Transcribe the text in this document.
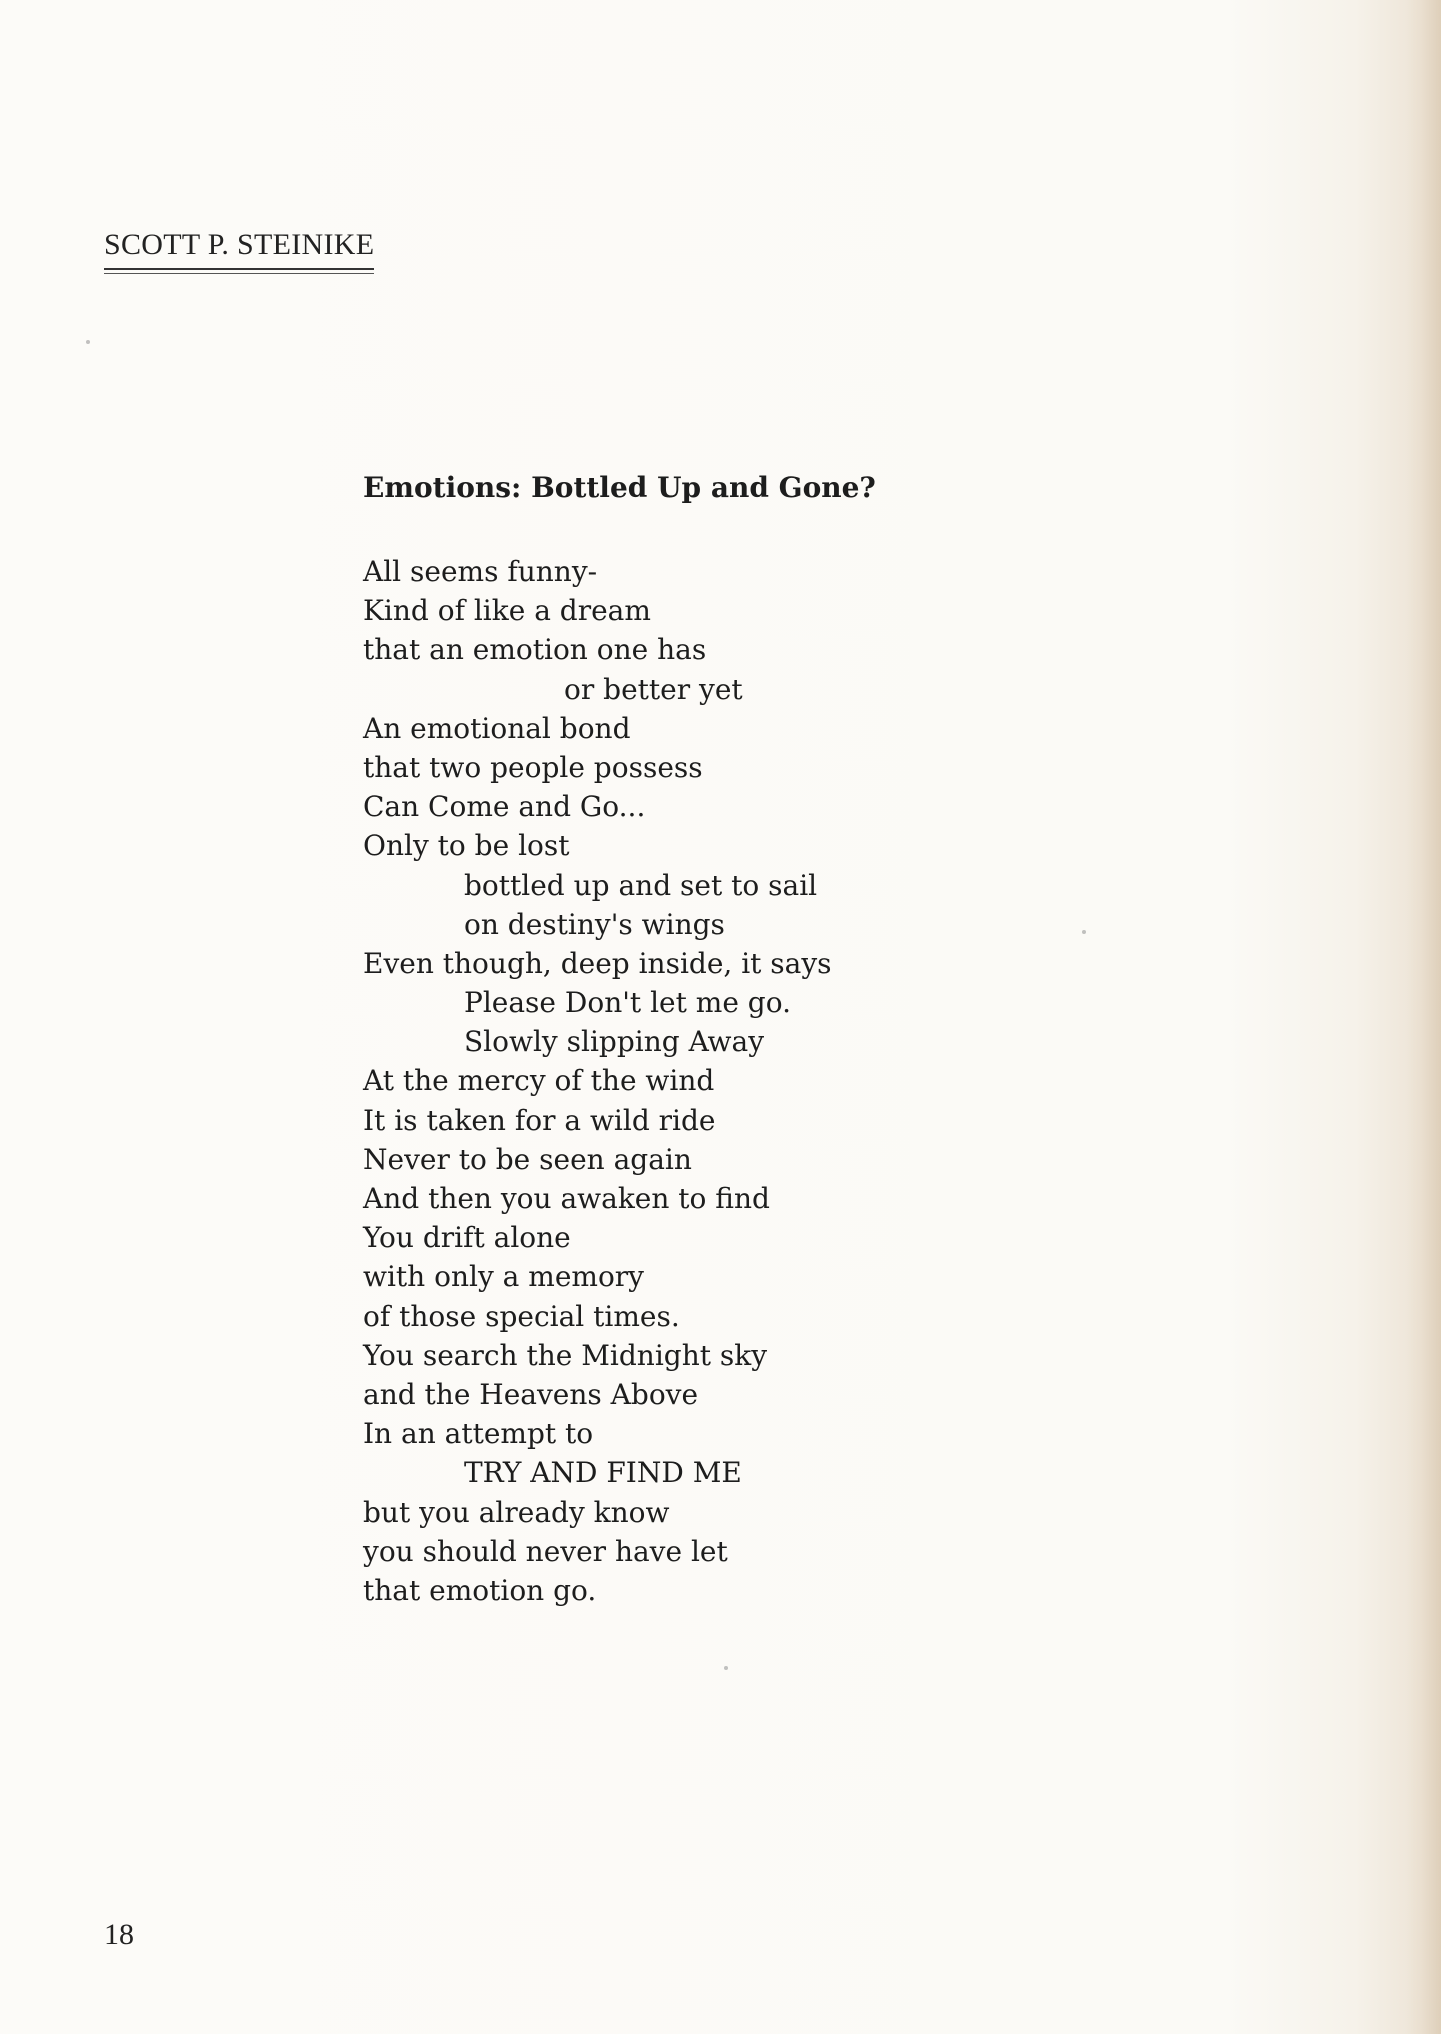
SCOTT P. STEINIKE
Emotions: Bottled Up and Gone?
All seems funny-
Kind of like a dream
that an emotion one has
or better yet
An emotional bond
that two people possess
Can Come and Go...
Only to be lost
bottled up and set to sail
on destiny's wings
Even though, deep inside, it says
Please Don't let me go.
Slowly slipping Away
At the mercy of the wind
It is taken for a wild ride
Never to be seen again
And then you awaken to find
You drift alone
with only a memory
of those special times.
You search the Midnight sky
and the Heavens Above
In an attempt to
TRY AND FIND ME
but you already know
you should never have let
that emotion go.
18
